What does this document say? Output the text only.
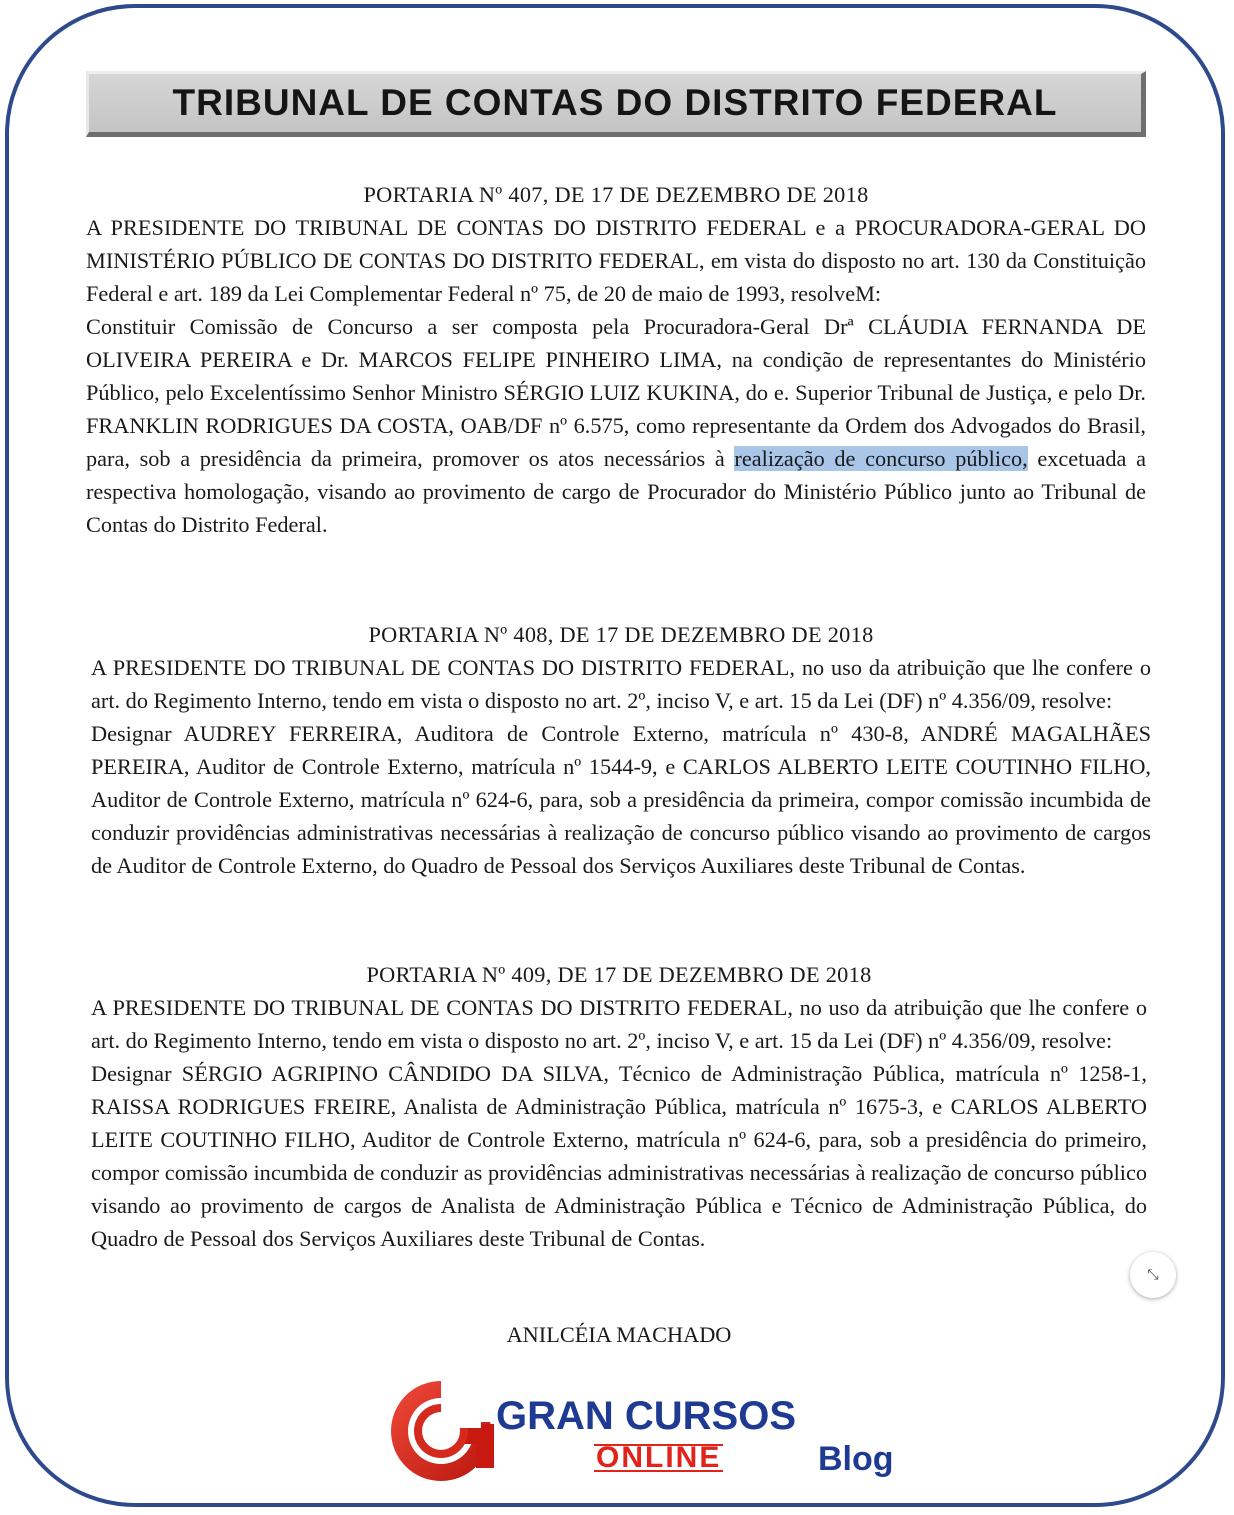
TRIBUNAL DE CONTAS DO DISTRITO FEDERAL

PORTARIA Nº 407, DE 17 DE DEZEMBRO DE 2018

A PRESIDENTE DO TRIBUNAL DE CONTAS DO DISTRITO FEDERAL e a PROCURADORA-GERAL DO MINISTÉRIO PÚBLICO DE CONTAS DO DISTRITO FEDERAL, em vista do disposto no art. 130 da Constituição Federal e art. 189 da Lei Complementar Federal nº 75, de 20 de maio de 1993, resolveM:

Constituir Comissão de Concurso a ser composta pela Procuradora-Geral Drª CLÁUDIA FERNANDA DE OLIVEIRA PEREIRA e Dr. MARCOS FELIPE PINHEIRO LIMA, na condição de representantes do Ministério Público, pelo Excelentíssimo Senhor Ministro SÉRGIO LUIZ KUKINA, do e. Superior Tribunal de Justiça, e pelo Dr. FRANKLIN RODRIGUES DA COSTA, OAB/DF nº 6.575, como representante da Ordem dos Advogados do Brasil, para, sob a presidência da primeira, promover os atos necessários à realização de concurso público, excetuada a respectiva homologação, visando ao provimento de cargo de Procurador do Ministério Público junto ao Tribunal de Contas do Distrito Federal.

PORTARIA Nº 408, DE 17 DE DEZEMBRO DE 2018

A PRESIDENTE DO TRIBUNAL DE CONTAS DO DISTRITO FEDERAL, no uso da atribuição que lhe confere o art. do Regimento Interno, tendo em vista o disposto no art. 2º, inciso V, e art. 15 da Lei (DF) nº 4.356/09, resolve:

Designar AUDREY FERREIRA, Auditora de Controle Externo, matrícula nº 430-8, ANDRÉ MAGALHÃES PEREIRA, Auditor de Controle Externo, matrícula nº 1544-9, e CARLOS ALBERTO LEITE COUTINHO FILHO, Auditor de Controle Externo, matrícula nº 624-6, para, sob a presidência da primeira, compor comissão incumbida de conduzir providências administrativas necessárias à realização de concurso público visando ao provimento de cargos de Auditor de Controle Externo, do Quadro de Pessoal dos Serviços Auxiliares deste Tribunal de Contas.

PORTARIA Nº 409, DE 17 DE DEZEMBRO DE 2018

A PRESIDENTE DO TRIBUNAL DE CONTAS DO DISTRITO FEDERAL, no uso da atribuição que lhe confere o art. do Regimento Interno, tendo em vista o disposto no art. 2º, inciso V, e art. 15 da Lei (DF) nº 4.356/09, resolve:

Designar SÉRGIO AGRIPINO CÂNDIDO DA SILVA, Técnico de Administração Pública, matrícula nº 1258-1, RAISSA RODRIGUES FREIRE, Analista de Administração Pública, matrícula nº 1675-3, e CARLOS ALBERTO LEITE COUTINHO FILHO, Auditor de Controle Externo, matrícula nº 624-6, para, sob a presidência do primeiro, compor comissão incumbida de conduzir as providências administrativas necessárias à realização de concurso público visando ao provimento de cargos de Analista de Administração Pública e Técnico de Administração Pública, do Quadro de Pessoal dos Serviços Auxiliares deste Tribunal de Contas.

ANILCÉIA MACHADO
⤡
GRAN CURSOS
ONLINE	Blog
